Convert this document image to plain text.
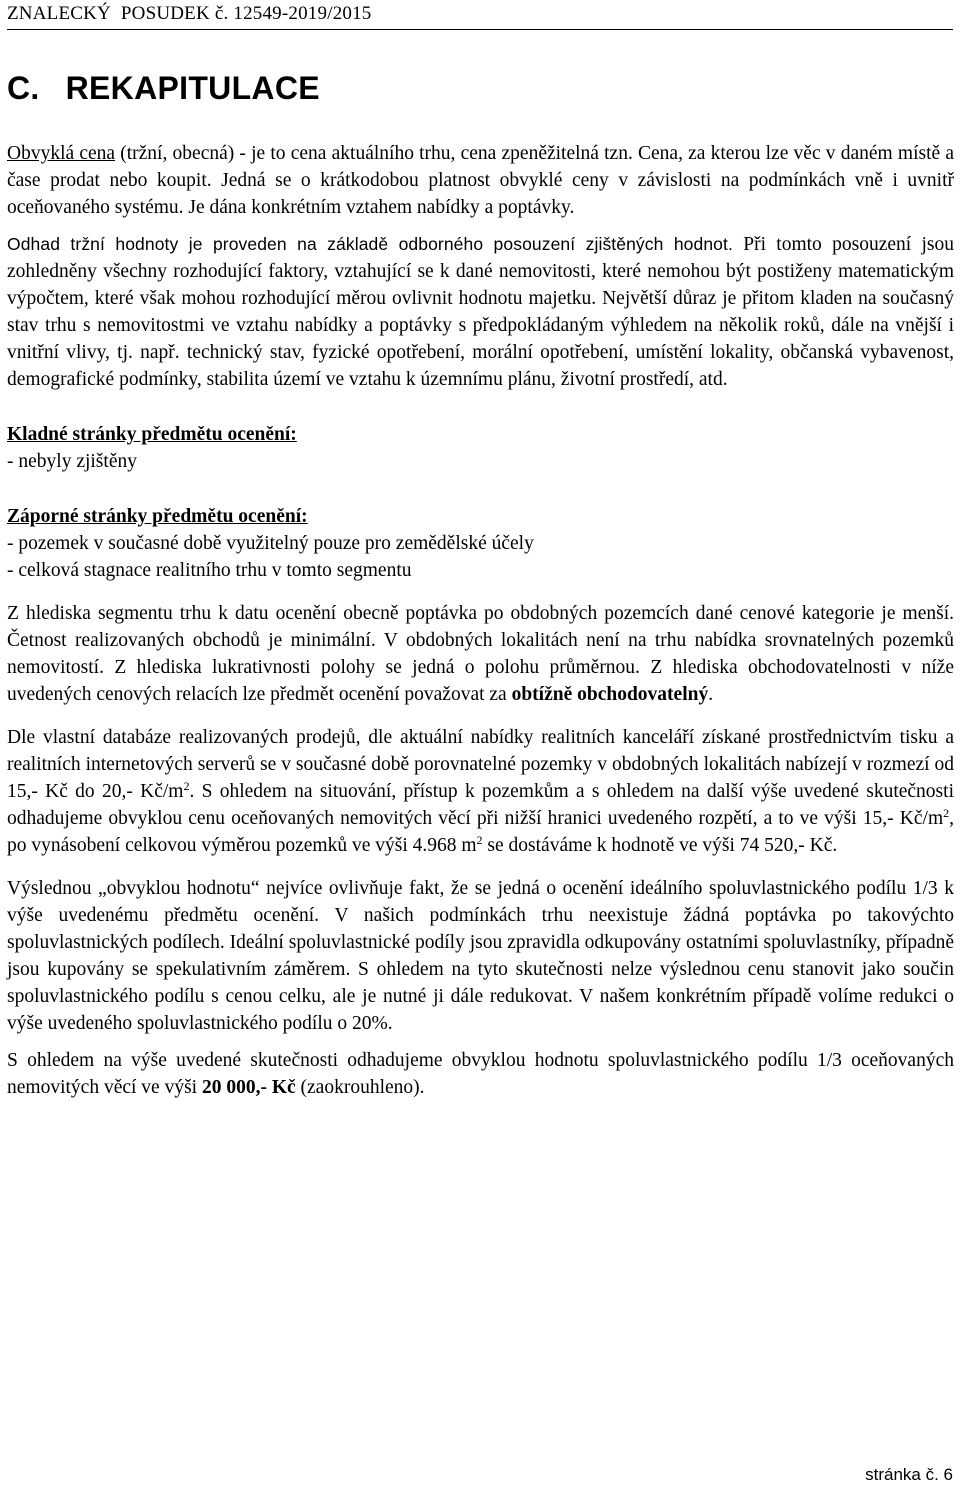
ZNALECKÝ  POSUDEK č. 12549-2019/2015
C. REKAPITULACE

Obvyklá cena (tržní, obecná) - je to cena aktuálního trhu, cena zpeněžitelná tzn. Cena, za kterou lze věc v daném místě a čase prodat nebo koupit. Jedná se o krátkodobou platnost obvyklé ceny v závislosti na podmínkách vně i uvnitř oceňovaného systému. Je dána konkrétním vztahem nabídky a poptávky.

Odhad tržní hodnoty je proveden na základě odborného posouzení zjištěných hodnot. Při tomto posouzení jsou zohledněny všechny rozhodující faktory, vztahující se k dané nemovitosti, které nemohou být postiženy matematickým výpočtem, které však mohou rozhodující měrou ovlivnit hodnotu majetku. Největší důraz je přitom kladen na současný stav trhu s nemovitostmi ve vztahu nabídky a poptávky s předpokládaným výhledem na několik roků, dále na vnější i vnitřní vlivy, tj. např. technický stav, fyzické opotřebení, morální opotřebení, umístění lokality, občanská vybavenost, demografické podmínky, stabilita území ve vztahu k územnímu plánu, životní prostředí, atd.

Kladné stránky předmětu ocenění:

- nebyly zjištěny

Záporné stránky předmětu ocenění:

- pozemek v současné době využitelný pouze pro zemědělské účely

- celková stagnace realitního trhu v tomto segmentu

Z hlediska segmentu trhu k datu ocenění obecně poptávka po obdobných pozemcích dané cenové kategorie je menší. Četnost realizovaných obchodů je minimální. V obdobných lokalitách není na trhu nabídka srovnatelných pozemků nemovitostí. Z hlediska lukrativnosti polohy se jedná o polohu průměrnou. Z hlediska obchodovatelnosti v níže uvedených cenových relacích lze předmět ocenění považovat za obtížně obchodovatelný.

Dle vlastní databáze realizovaných prodejů, dle aktuální nabídky realitních kanceláří získané prostřednictvím tisku a realitních internetových serverů se v současné době porovnatelné pozemky v obdobných lokalitách nabízejí v rozmezí od 15,- Kč do 20,- $Kč/m^2$. S ohledem na situování, přístup k pozemkům a s ohledem na další výše uvedené skutečnosti odhadujeme obvyklou cenu oceňovaných nemovitých věcí při nižší hranici uvedeného rozpětí, a to ve výši 15,- $Kč/m^2$, po vynásobení celkovou výměrou pozemků ve výši 4.968 $m^2$ se dostáváme k hodnotě ve výši 74 520,- Kč.

Výslednou „obvyklou hodnotu“ nejvíce ovlivňuje fakt, že se jedná o ocenění ideálního spoluvlastnického podílu 1/3 k výše uvedenému předmětu ocenění. V našich podmínkách trhu neexistuje žádná poptávka po takovýchto spoluvlastnických podílech. Ideální spoluvlastnické podíly jsou zpravidla odkupovány ostatními spoluvlastníky, případně jsou kupovány se spekulativním záměrem. S ohledem na tyto skutečnosti nelze výslednou cenu stanovit jako součin spoluvlastnického podílu s cenou celku, ale je nutné ji dále redukovat. V našem konkrétním případě volíme redukci o výše uvedeného spoluvlastnického podílu o 20%.

S ohledem na výše uvedené skutečnosti odhadujeme obvyklou hodnotu spoluvlastnického podílu 1/3 oceňovaných nemovitých věcí ve výši 20 000,- Kč (zaokrouhleno).

stránka č. 6
